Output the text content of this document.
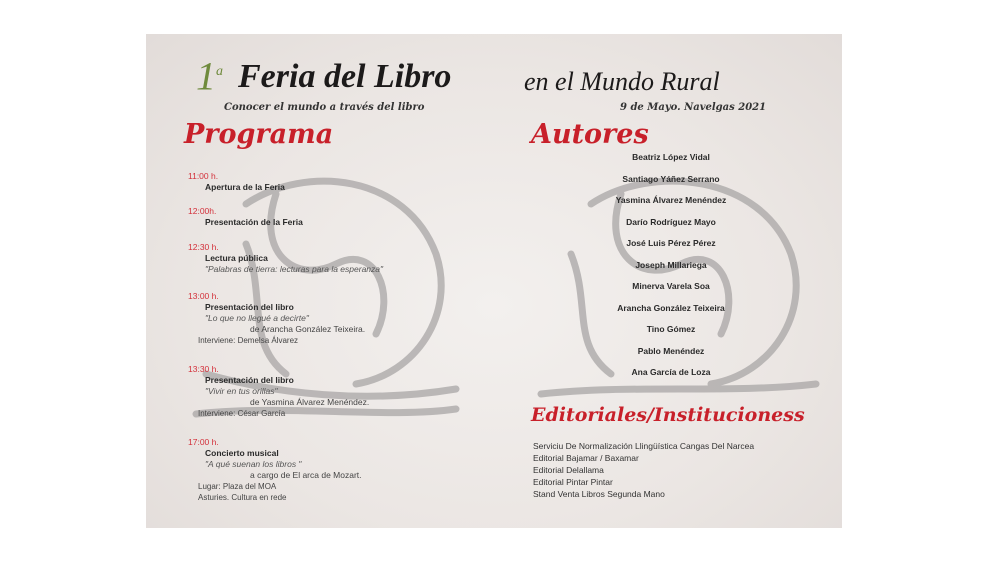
1$^a$ Feria del Libro	en el Mundo Rural
Conocer el mundo a través del libro	9 de Mayo. Navelgas 2021
Programa	Autores
Editoriales/Institucioness
11:00 h.
Apertura de la Feria
12:00h.
Presentación de la Feria
12:30 h.
Lectura pública
"Palabras de tierra: lecturas para la esperanza"
13:00 h.
Presentación del libro
"Lo que no llegué a decirte"
de Arancha González Teixeira.
Interviene: Demelsa Álvarez
13:30 h.
Presentación del libro
"Vivir en tus orillas"
de Yasmina Álvarez Menéndez.
Interviene: César García
17:00 h.
Concierto musical
"A qué suenan los libros "
a cargo de El arca de Mozart.
Lugar: Plaza del MOA
Asturies. Cultura en rede
Beatriz López Vidal
Santiago Yáñez Serrano
Yasmina Álvarez Menéndez
Darío Rodríguez Mayo
José Luis Pérez Pérez
Joseph Millariega
Minerva Varela Soa
Arancha González Teixeira
Tino Gómez
Pablo Menéndez
Ana García de Loza
Serviciu De Normalización Llingüística Cangas Del Narcea
Editorial Bajamar / Baxamar
Editorial Delallama
Editorial Pintar Pintar
Stand Venta Libros Segunda Mano
